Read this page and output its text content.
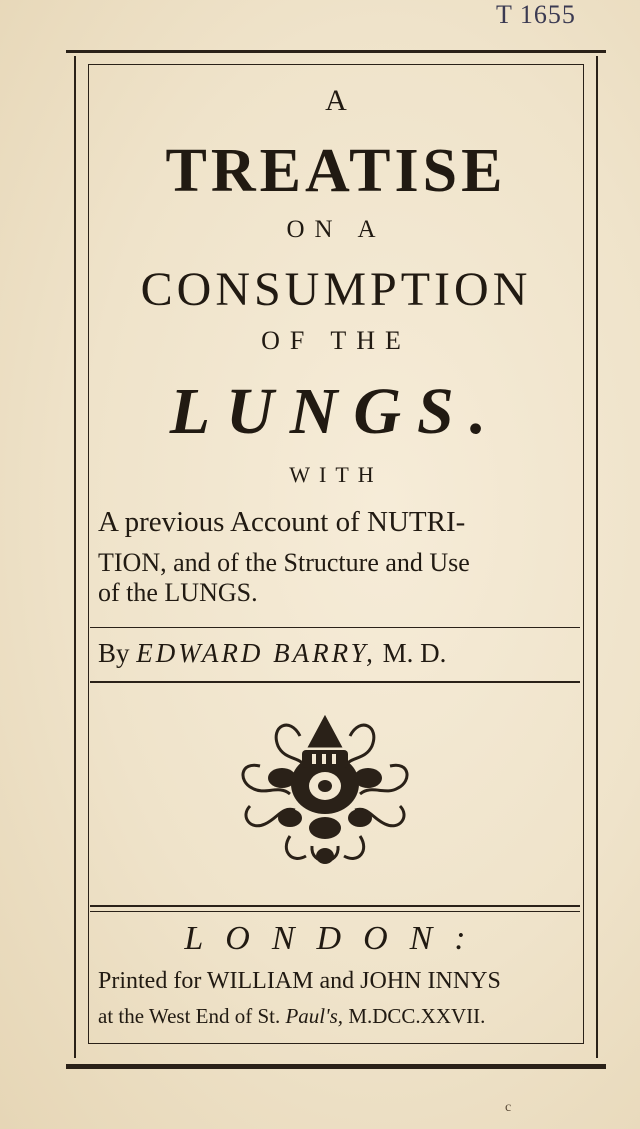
T 1655
A
TREATISE
ON A
CONSUMPTION
OF THE
LUNGS.
WITH
A previous Account of NUTRI-
TION, and of the Structure and Use
of the LUNGS.
By EDWARD BARRY, M. D.
LONDON:
Printed for WILLIAM and JOHN INNYS
at the West End of St. Paul's, M.DCC.XXVII.
c
